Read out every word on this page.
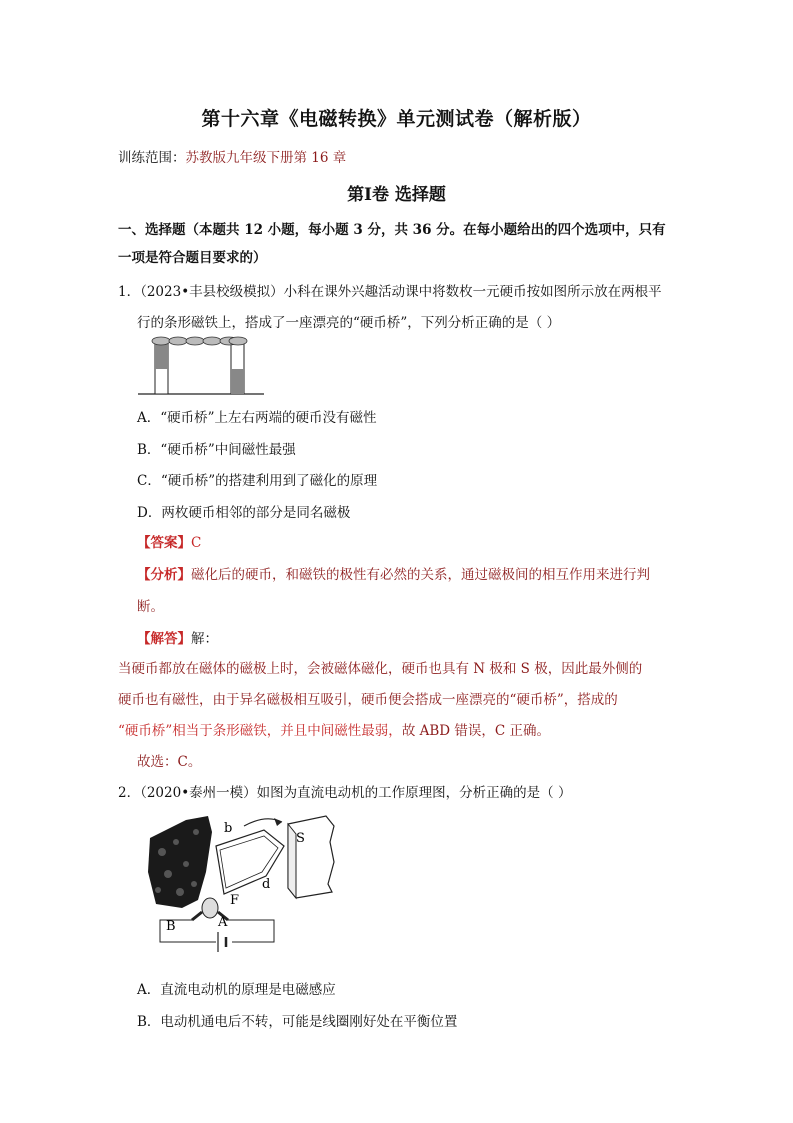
第十六章《电磁转换》单元测试卷（解析版）
训练范围：苏教版九年级下册第 16 章
第Ⅰ卷 选择题
一、选择题（本题共 12 小题，每小题 3 分，共 36 分。在每小题给出的四个选项中，只有
一项是符合题目要求的）
1．（2023•丰县校级模拟）小科在课外兴趣活动课中将数枚一元硬币按如图所示放在两根平
行的条形磁铁上，搭成了一座漂亮的“硬币桥”，下列分析正确的是（ ）
A．“硬币桥”上左右两端的硬币没有磁性
B．“硬币桥”中间磁性最强
C．“硬币桥”的搭建利用到了磁化的原理
D．两枚硬币相邻的部分是同名磁极
【答案】C
【分析】磁化后的硬币，和磁铁的极性有必然的关系，通过磁极间的相互作用来进行判
断。
【解答】解：
当硬币都放在磁体的磁极上时，会被磁体磁化，硬币也具有 N 极和 S 极，因此最外侧的
硬币也有磁性，由于异名磁极相互吸引，硬币便会搭成一座漂亮的“硬币桥”，搭成的
“硬币桥”相当于条形磁铁，并且中间磁性最弱，故 ABD 错误，C 正确。
故选：C。
2．（2020•泰州一模）如图为直流电动机的工作原理图，分析正确的是（ ）
S
b
d
F
A
B
A．直流电动机的原理是电磁感应
B．电动机通电后不转，可能是线圈刚好处在平衡位置
